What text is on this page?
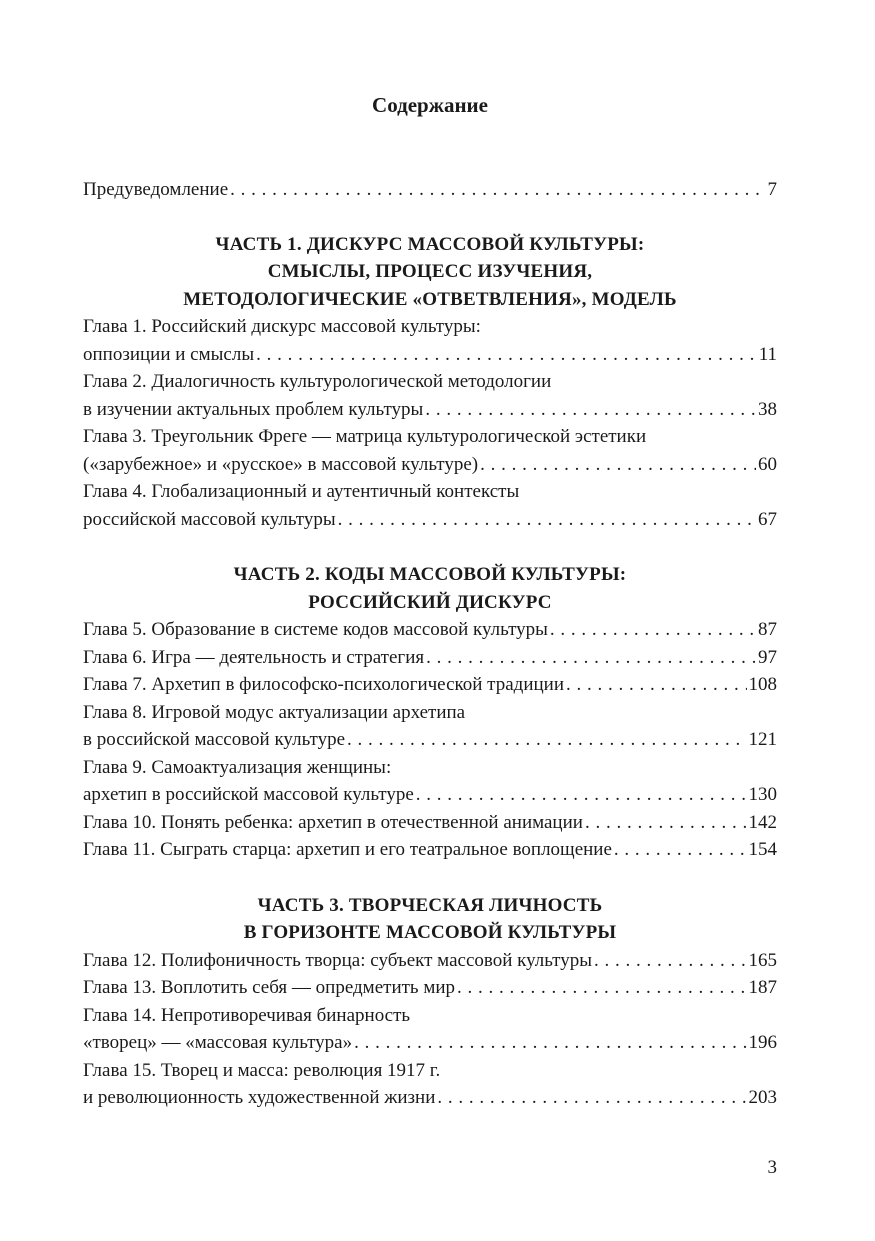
Содержание
Предуведомление . . .	7
ЧАСТЬ 1. ДИСКУРС МАССОВОЙ КУЛЬТУРЫ:
СМЫСЛЫ, ПРОЦЕСС ИЗУЧЕНИЯ,
МЕТОДОЛОГИЧЕСКИЕ «ОТВЕТВЛЕНИЯ», МОДЕЛЬ
Глава 1. Российский дискурс массовой культуры:
оппозиции и смыслы . . .	11
Глава 2. Диалогичность культурологической методологии
в изучении актуальных проблем культуры . . .	38
Глава 3. Треугольник Фреге — матрица культурологической эстетики
(«зарубежное» и «русское» в массовой культуре) . . .	60
Глава 4. Глобализационный и аутентичный контексты
российской массовой культуры . . .	67
ЧАСТЬ 2. КОДЫ МАССОВОЙ КУЛЬТУРЫ:
РОССИЙСКИЙ ДИСКУРС
Глава 5. Образование в системе кодов массовой культуры . . .	87
Глава 6. Игра — деятельность и стратегия . . .	97
Глава 7. Архетип в философско-психологической традиции . . .	108
Глава 8. Игровой модус актуализации архетипа
в российской массовой культуре . . .	121
Глава 9. Самоактуализация женщины:
архетип в российской массовой культуре . . .	130
Глава 10. Понять ребенка: архетип в отечественной анимации . . .	142
Глава 11. Сыграть старца: архетип и его театральное воплощение . . .	154
ЧАСТЬ 3. ТВОРЧЕСКАЯ ЛИЧНОСТЬ
В ГОРИЗОНТЕ МАССОВОЙ КУЛЬТУРЫ
Глава 12. Полифоничность творца: субъект массовой культуры . . .	165
Глава 13. Воплотить себя — опредметить мир . . .	187
Глава 14. Непротиворечивая бинарность
«творец» — «массовая культура» . . .	196
Глава 15. Творец и масса: революция 1917 г.
и революционность художественной жизни . . .	203
3
